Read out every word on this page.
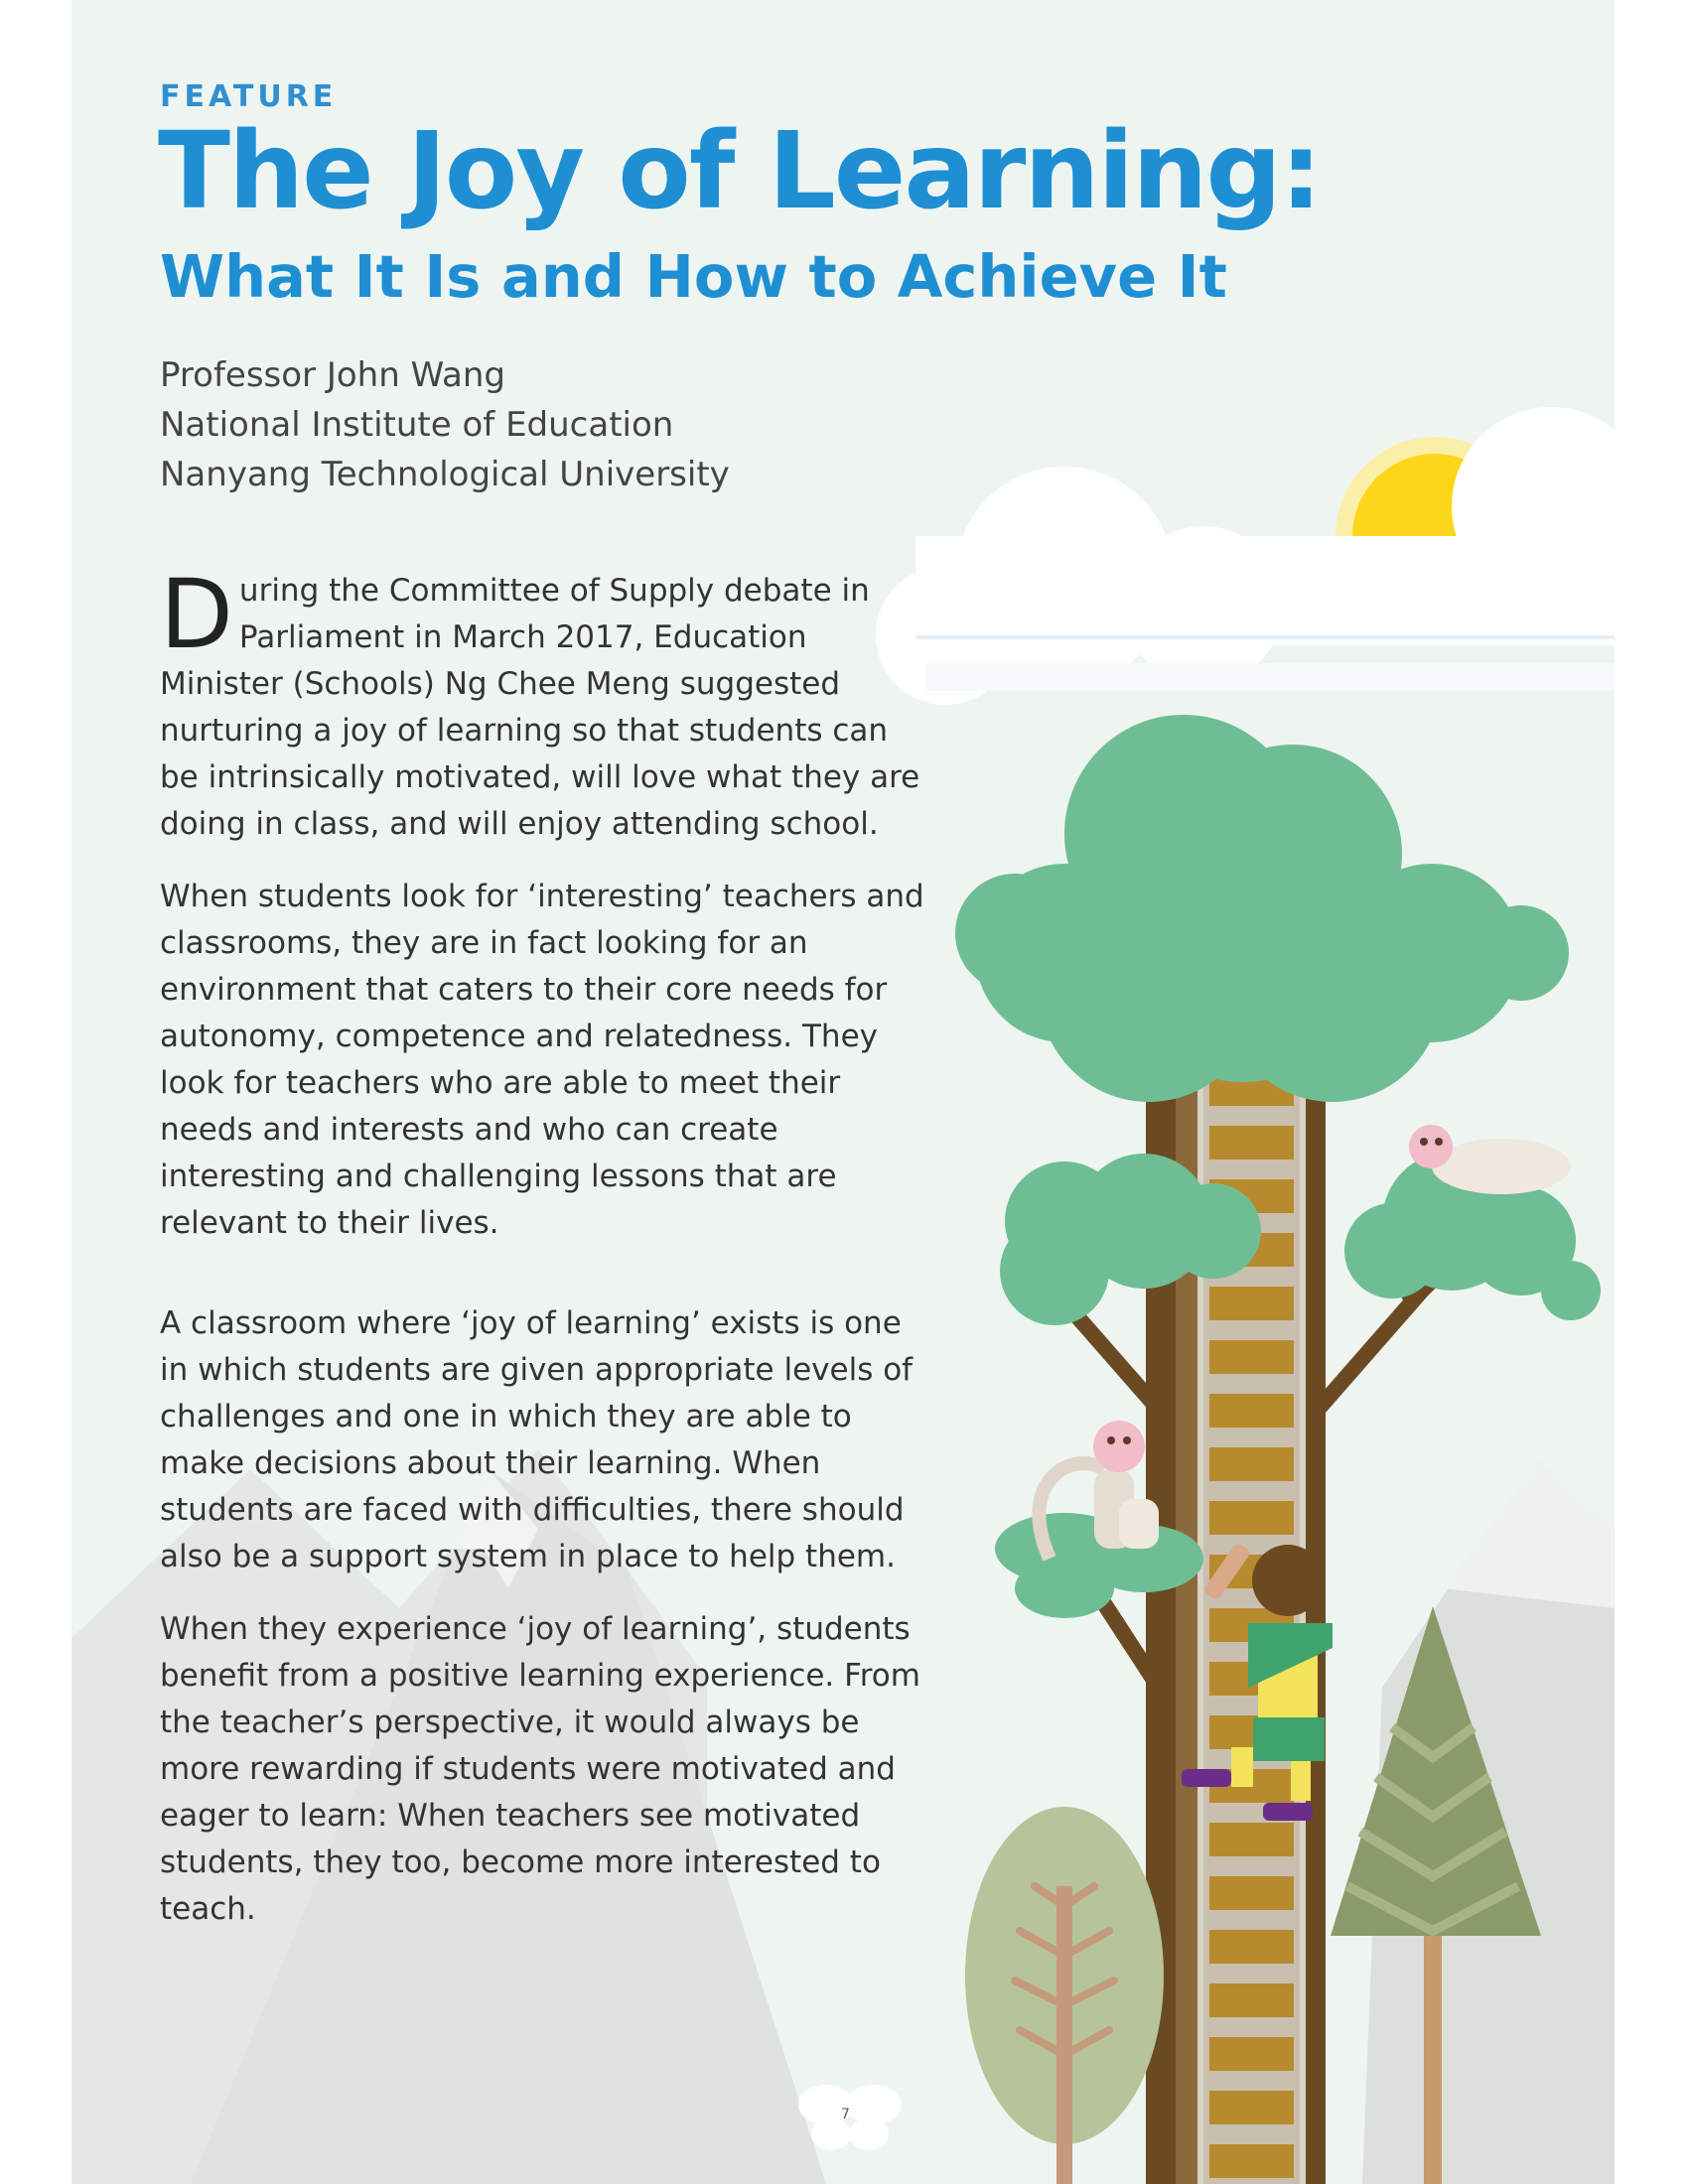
FEATURE
The Joy of Learning:
What It Is and How to Achieve It
Professor John Wang
National Institute of Education
Nanyang Technological University

During the Committee of Supply debate in Parliament in March 2017, Education Minister (Schools) Ng Chee Meng suggested nurturing a joy of learning so that students can be intrinsically motivated, will love what they are doing in class, and will enjoy attending school.

When students look for ‘interesting’ teachers and classrooms, they are in fact looking for an environment that caters to their core needs for autonomy, competence and relatedness. They look for teachers who are able to meet their needs and interests and who can create interesting and challenging lessons that are relevant to their lives.

A classroom where ‘joy of learning’ exists is one in which students are given appropriate levels of challenges and one in which they are able to make decisions about their learning. When students are faced with difficulties, there should also be a support system in place to help them.

When they experience ‘joy of learning’, students benefit from a positive learning experience. From the teacher’s perspective, it would always be more rewarding if students were motivated and eager to learn: When teachers see motivated students, they too, become more interested to teach.

7
